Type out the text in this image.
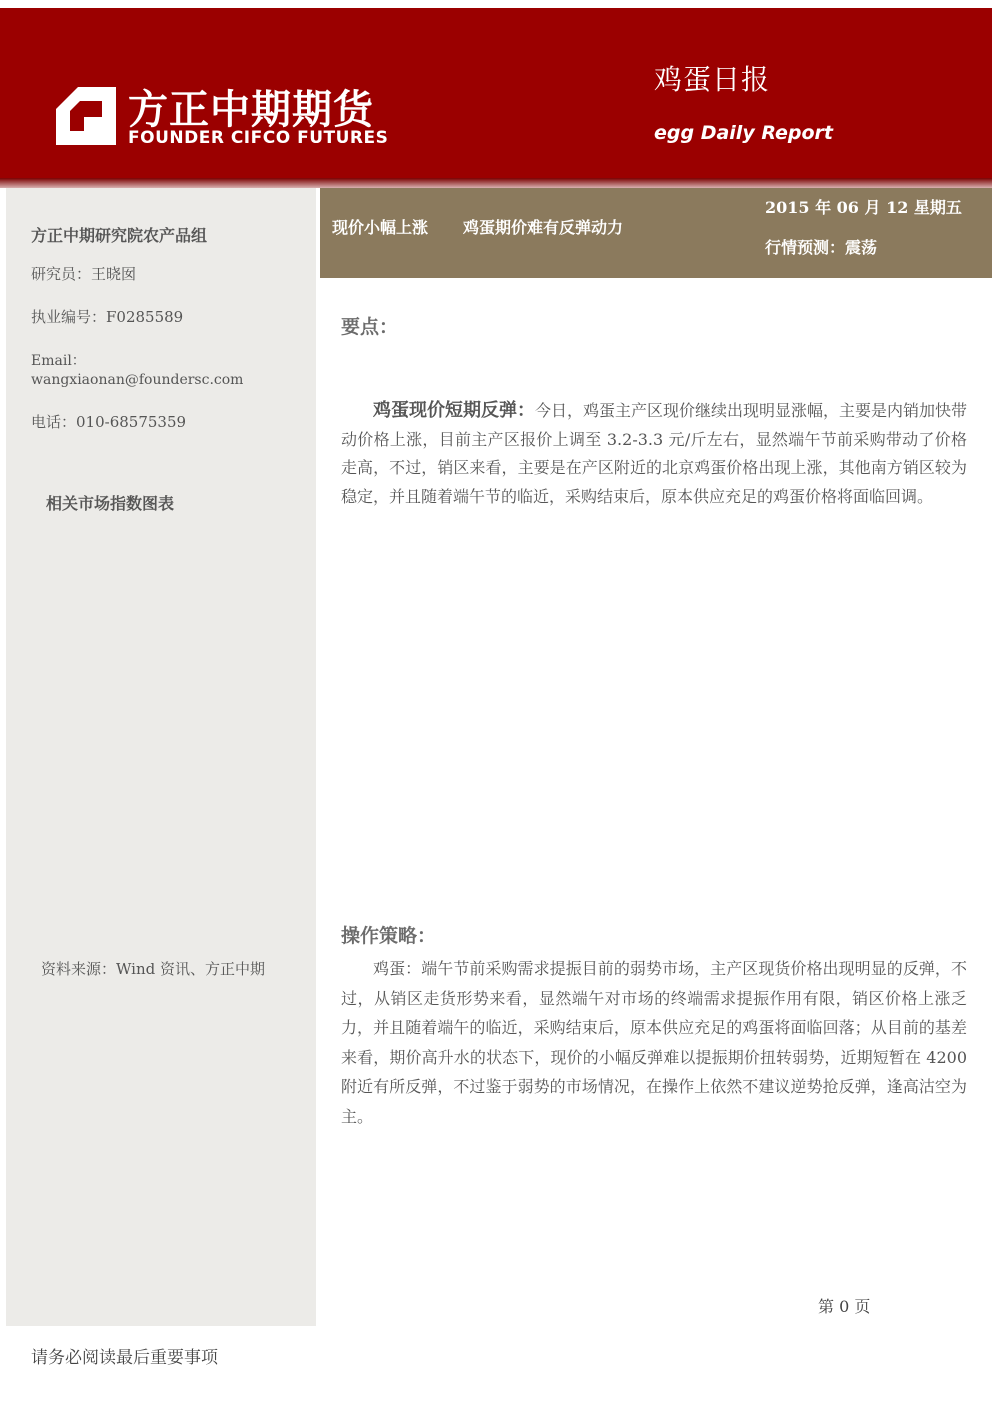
方正中期期货
FOUNDER CIFCO FUTURES
鸡蛋日报
egg Daily Report
现价小幅上涨 鸡蛋期价难有反弹动力
2015 年 06 月 12 星期五
行情预测：震荡
方正中期研究院农产品组
研究员：王晓囡
执业编号：F0285589
Email：
wangxiaonan@foundersc.com
电话：010-68575359
相关市场指数图表
资料来源：Wind 资讯、方正中期
要点：
鸡蛋现价短期反弹：今日，鸡蛋主产区现价继续出现明显涨幅，主要是内销加快带动价格上涨，目前主产区报价上调至 3.2-3.3 元/斤左右，显然端午节前采购带动了价格走高，不过，销区来看，主要是在产区附近的北京鸡蛋价格出现上涨，其他南方销区较为稳定，并且随着端午节的临近，采购结束后，原本供应充足的鸡蛋价格将面临回调。
操作策略：
鸡蛋：端午节前采购需求提振目前的弱势市场，主产区现货价格出现明显的反弹，不过，从销区走货形势来看，显然端午对市场的终端需求提振作用有限，销区价格上涨乏力，并且随着端午的临近，采购结束后，原本供应充足的鸡蛋将面临回落；从目前的基差来看，期价高升水的状态下，现价的小幅反弹难以提振期价扭转弱势，近期短暂在 4200 附近有所反弹，不过鉴于弱势的市场情况，在操作上依然不建议逆势抢反弹，逢高沽空为主。
第 0 页
请务必阅读最后重要事项
